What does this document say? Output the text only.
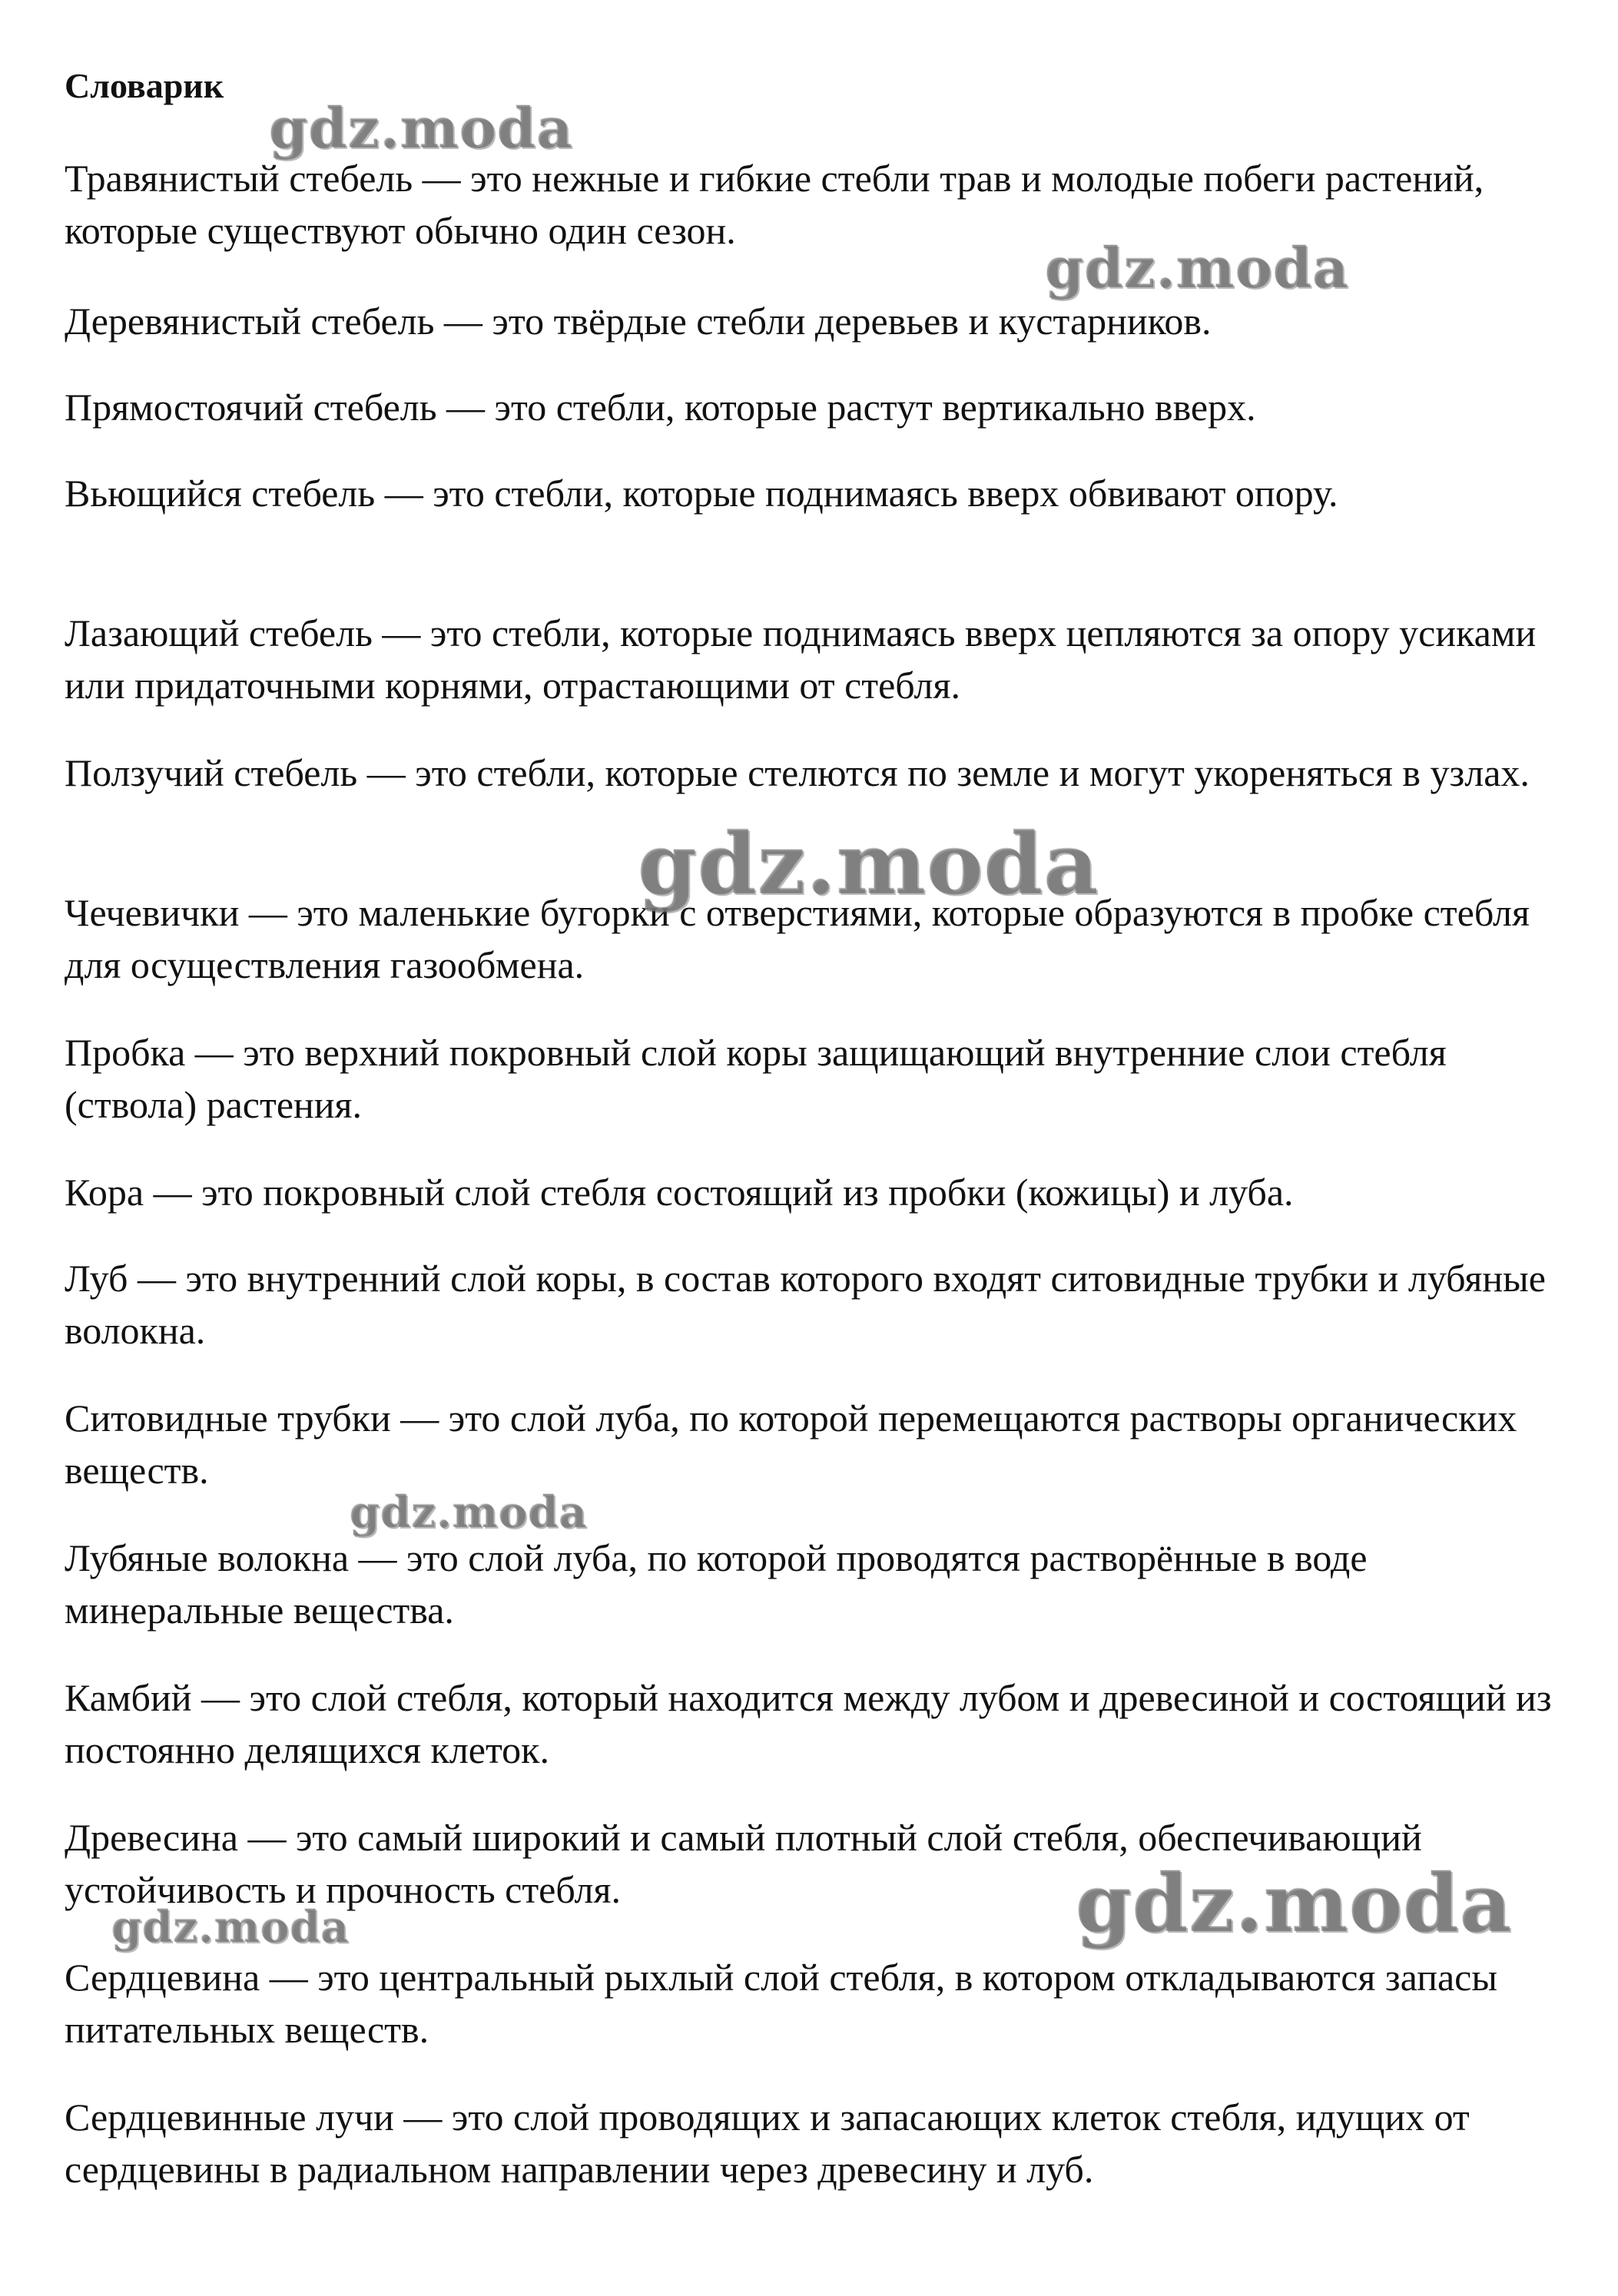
Словарик

Травянистый стебель — это нежные и гибкие стебли трав и молодые побеги растений, которые существуют обычно один сезон.

Деревянистый стебель — это твёрдые стебли деревьев и кустарников.

Прямостоячий стебель — это стебли, которые растут вертикально вверх.

Вьющийся стебель — это стебли, которые поднимаясь вверх обвивают опору.

Лазающий стебель — это стебли, которые поднимаясь вверх цепляются за опору усиками или придаточными корнями, отрастающими от стебля.

Ползучий стебель — это стебли, которые стелются по земле и могут укореняться в узлах.

Чечевички — это маленькие бугорки с отверстиями, которые образуются в пробке стебля для осуществления газообмена.

Пробка — это верхний покровный слой коры защищающий внутренние слои стебля (ствола) растения.

Кора — это покровный слой стебля состоящий из пробки (кожицы) и луба.

Луб — это внутренний слой коры, в состав которого входят ситовидные трубки и лубяные волокна.

Ситовидные трубки — это слой луба, по которой перемещаются растворы органических веществ.

Лубяные волокна — это слой луба, по которой проводятся растворённые в воде минеральные вещества.

Камбий — это слой стебля, который находится между лубом и древесиной и состоящий из постоянно делящихся клеток.

Древесина — это самый широкий и самый плотный слой стебля, обеспечивающий устойчивость и прочность стебля.

Сердцевина — это центральный рыхлый слой стебля, в котором откладываются запасы питательных веществ.

Сердцевинные лучи — это слой проводящих и запасающих клеток стебля, идущих от сердцевины в радиальном направлении через древесину и луб.

gdz.moda
gdz.moda
gdz.moda
gdz.moda
gdz.moda	gdz.moda
